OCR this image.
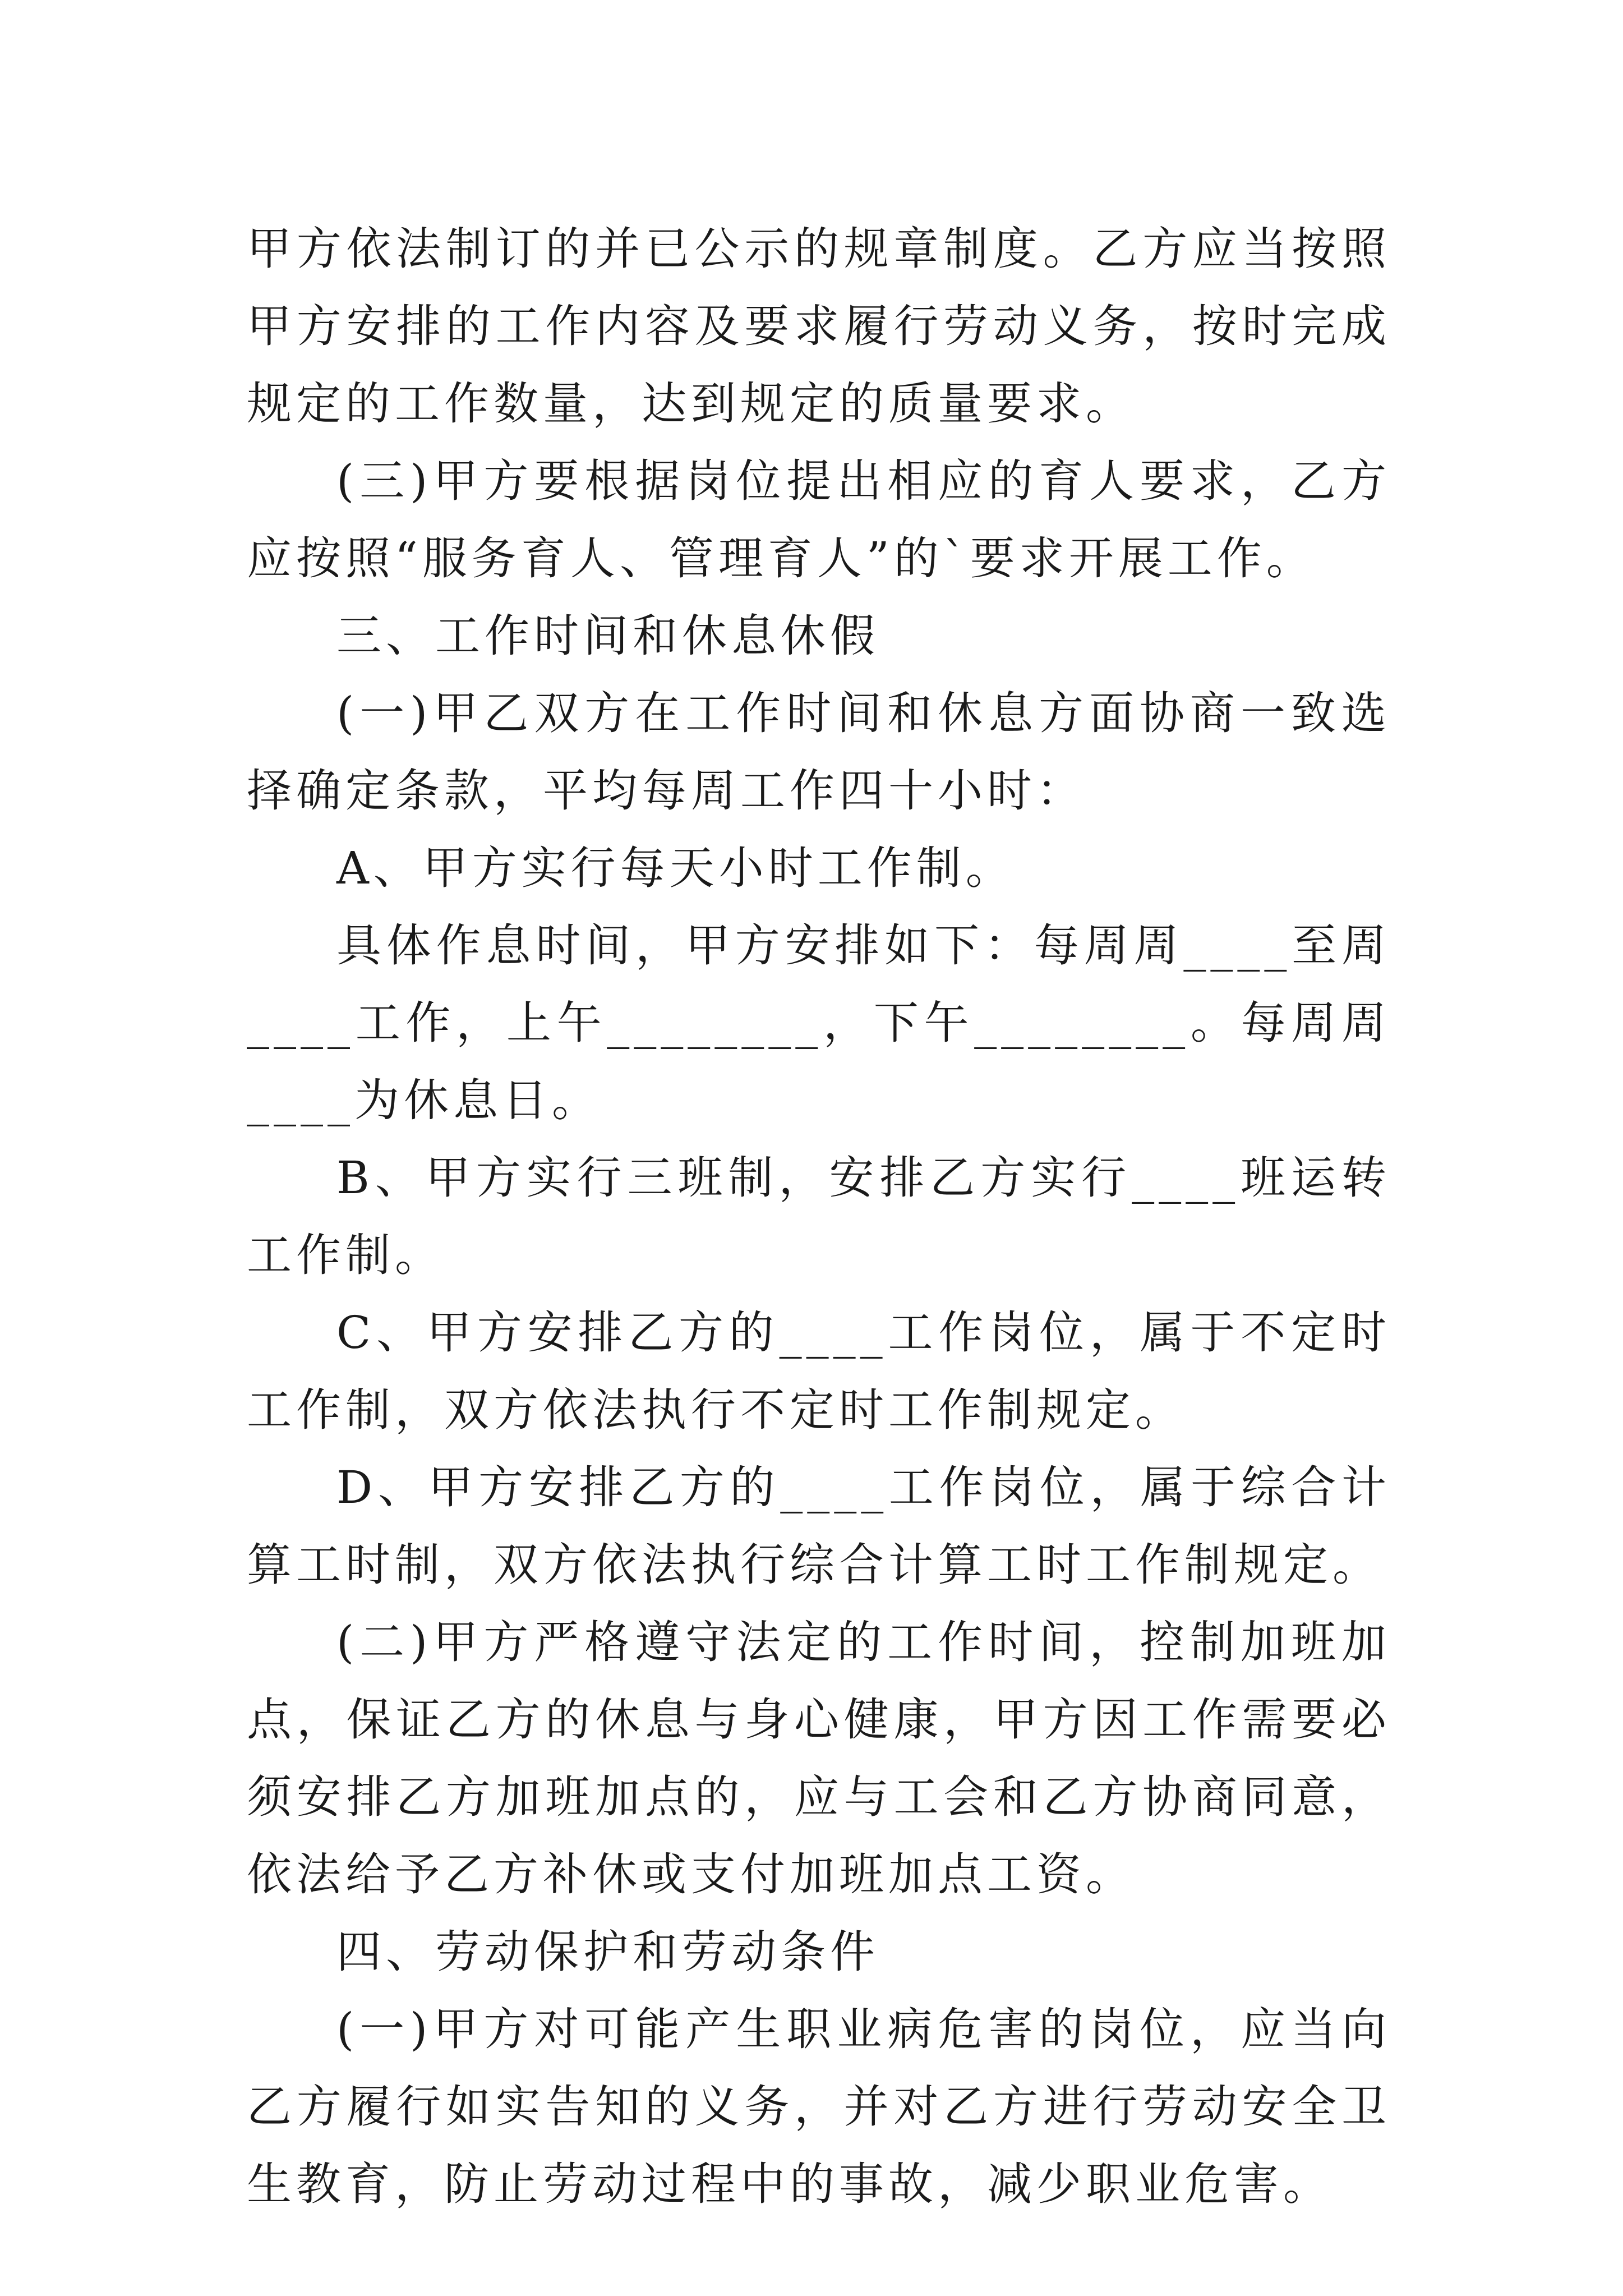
甲方依法制订的并已公示的规章制度。乙方应当按照甲方安排的工作内容及要求履行劳动义务，按时完成规定的工作数量，达到规定的质量要求。

(三)甲方要根据岗位提出相应的育人要求，乙方应按照“服务育人、管理育人”的`要求开展工作。

三、工作时间和休息休假

(一)甲乙双方在工作时间和休息方面协商一致选择确定条款，平均每周工作四十小时：

A、甲方实行每天小时工作制。

具体作息时间，甲方安排如下：每周周____至周____工作，上午________，下午________。每周周____为休息日。

B、甲方实行三班制，安排乙方实行____班运转工作制。

C、甲方安排乙方的____工作岗位，属于不定时工作制，双方依法执行不定时工作制规定。

D、甲方安排乙方的____工作岗位，属于综合计算工时制，双方依法执行综合计算工时工作制规定。

(二)甲方严格遵守法定的工作时间，控制加班加点，保证乙方的休息与身心健康，甲方因工作需要必须安排乙方加班加点的，应与工会和乙方协商同意，依法给予乙方补休或支付加班加点工资。

四、劳动保护和劳动条件

(一)甲方对可能产生职业病危害的岗位，应当向乙方履行如实告知的义务，并对乙方进行劳动安全卫生教育，防止劳动过程中的事故，减少职业危害。
